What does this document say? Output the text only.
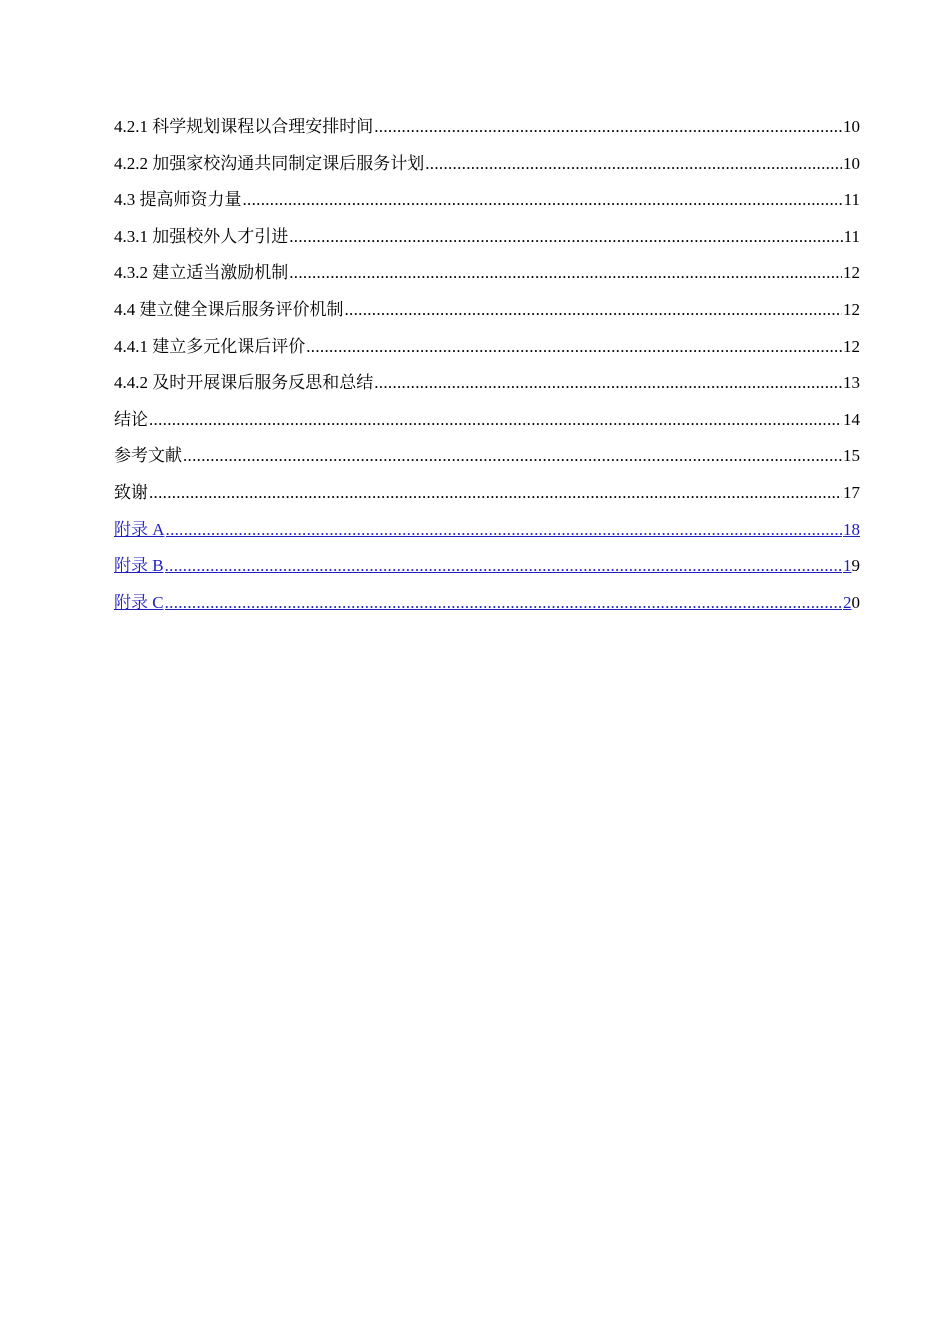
4.2.1 科学规划课程以合理安排时间 .....	10
4.2.2 加强家校沟通共同制定课后服务计划 .....	10
4.3 提高师资力量 .....	11
4.3.1 加强校外人才引进 .....	11
4.3.2 建立适当激励机制 .....	12
4.4 建立健全课后服务评价机制 .....	12
4.4.1 建立多元化课后评价 .....	12
4.4.2 及时开展课后服务反思和总结 .....	13
结论 .....	14
参考文献 .....	15
致谢 .....	17
附录 A .....	18
附录 B .....	19
附录 C .....	20
